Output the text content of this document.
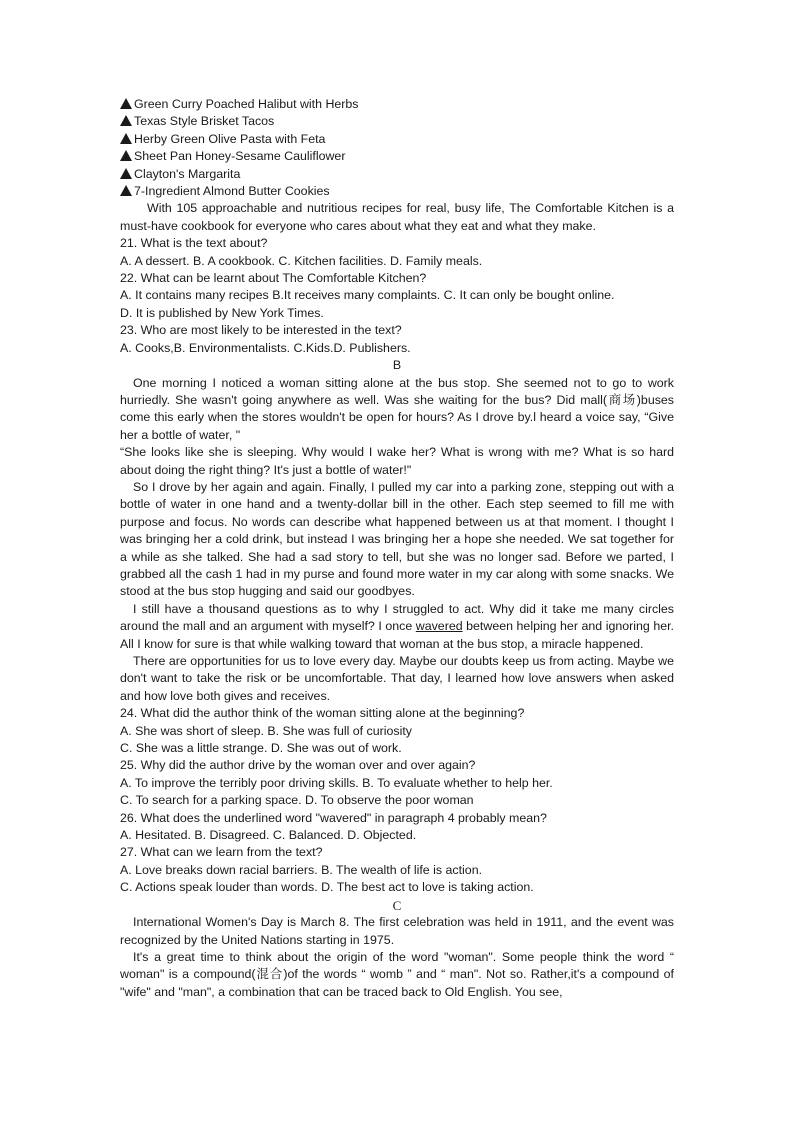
Green Curry Poached Halibut with Herbs
Texas Style Brisket Tacos
Herby Green Olive Pasta with Feta
Sheet Pan Honey-Sesame Cauliflower
Clayton's Margarita
7-Ingredient Almond Butter Cookies
With 105 approachable and nutritious recipes for real, busy life, The Comfortable Kitchen is a must-have cookbook for everyone who cares about what they eat and what they make.
21. What is the text about?
A. A dessert. B. A cookbook. C. Kitchen facilities. D. Family meals.
22. What can be learnt about The Comfortable Kitchen?
A. It contains many recipes B.It receives many complaints. C. It can only be bought online.
D. It is published by New York Times.
23. Who are most likely to be interested in the text?
A. Cooks,B. Environmentalists. C.Kids.D. Publishers.
B
One morning I noticed a woman sitting alone at the bus stop. She seemed not to go to work hurriedly. She wasn't going anywhere as well. Was she waiting for the bus? Did mall(商场)buses come this early when the stores wouldn't be open for hours? As I drove by.l heard a voice say, “Give her a bottle of water, "
“She looks like she is sleeping. Why would I wake her? What is wrong with me? What is so hard about doing the right thing? It's just a bottle of water!"
So I drove by her again and again. Finally, I pulled my car into a parking zone, stepping out with a bottle of water in one hand and a twenty-dollar bill in the other. Each step seemed to fill me with purpose and focus. No words can describe what happened between us at that moment. I thought I was bringing her a cold drink, but instead I was bringing her a hope she needed. We sat together for a while as she talked. She had a sad story to tell, but she was no longer sad. Before we parted, I grabbed all the cash 1 had in my purse and found more water in my car along with some snacks. We stood at the bus stop hugging and said our goodbyes.
I still have a thousand questions as to why I struggled to act. Why did it take me many circles around the mall and an argument with myself? I once wavered between helping her and ignoring her. All I know for sure is that while walking toward that woman at the bus stop, a miracle happened.
There are opportunities for us to love every day. Maybe our doubts keep us from acting. Maybe we don't want to take the risk or be uncomfortable. That day, I learned how love answers when asked and how love both gives and receives.
24. What did the author think of the woman sitting alone at the beginning?
A. She was short of sleep. B. She was full of curiosity
C. She was a little strange. D. She was out of work.
25. Why did the author drive by the woman over and over again?
A. To improve the terribly poor driving skills. B. To evaluate whether to help her.
C. To search for a parking space. D. To observe the poor woman
26. What does the underlined word "wavered" in paragraph 4 probably mean?
A. Hesitated. B. Disagreed. C. Balanced. D. Objected.
27. What can we learn from the text?
A. Love breaks down racial barriers. B. The wealth of life is action.
C. Actions speak louder than words. D. The best act to love is taking action.
C
International Women's Day is March 8. The first celebration was held in 1911, and the event was recognized by the United Nations starting in 1975.
It's a great time to think about the origin of the word "woman". Some people think the word “ woman" is a compound(混合)of the words “ womb ” and “ man". Not so. Rather,it's a compound of "wife" and "man", a combination that can be traced back to Old English. You see,
